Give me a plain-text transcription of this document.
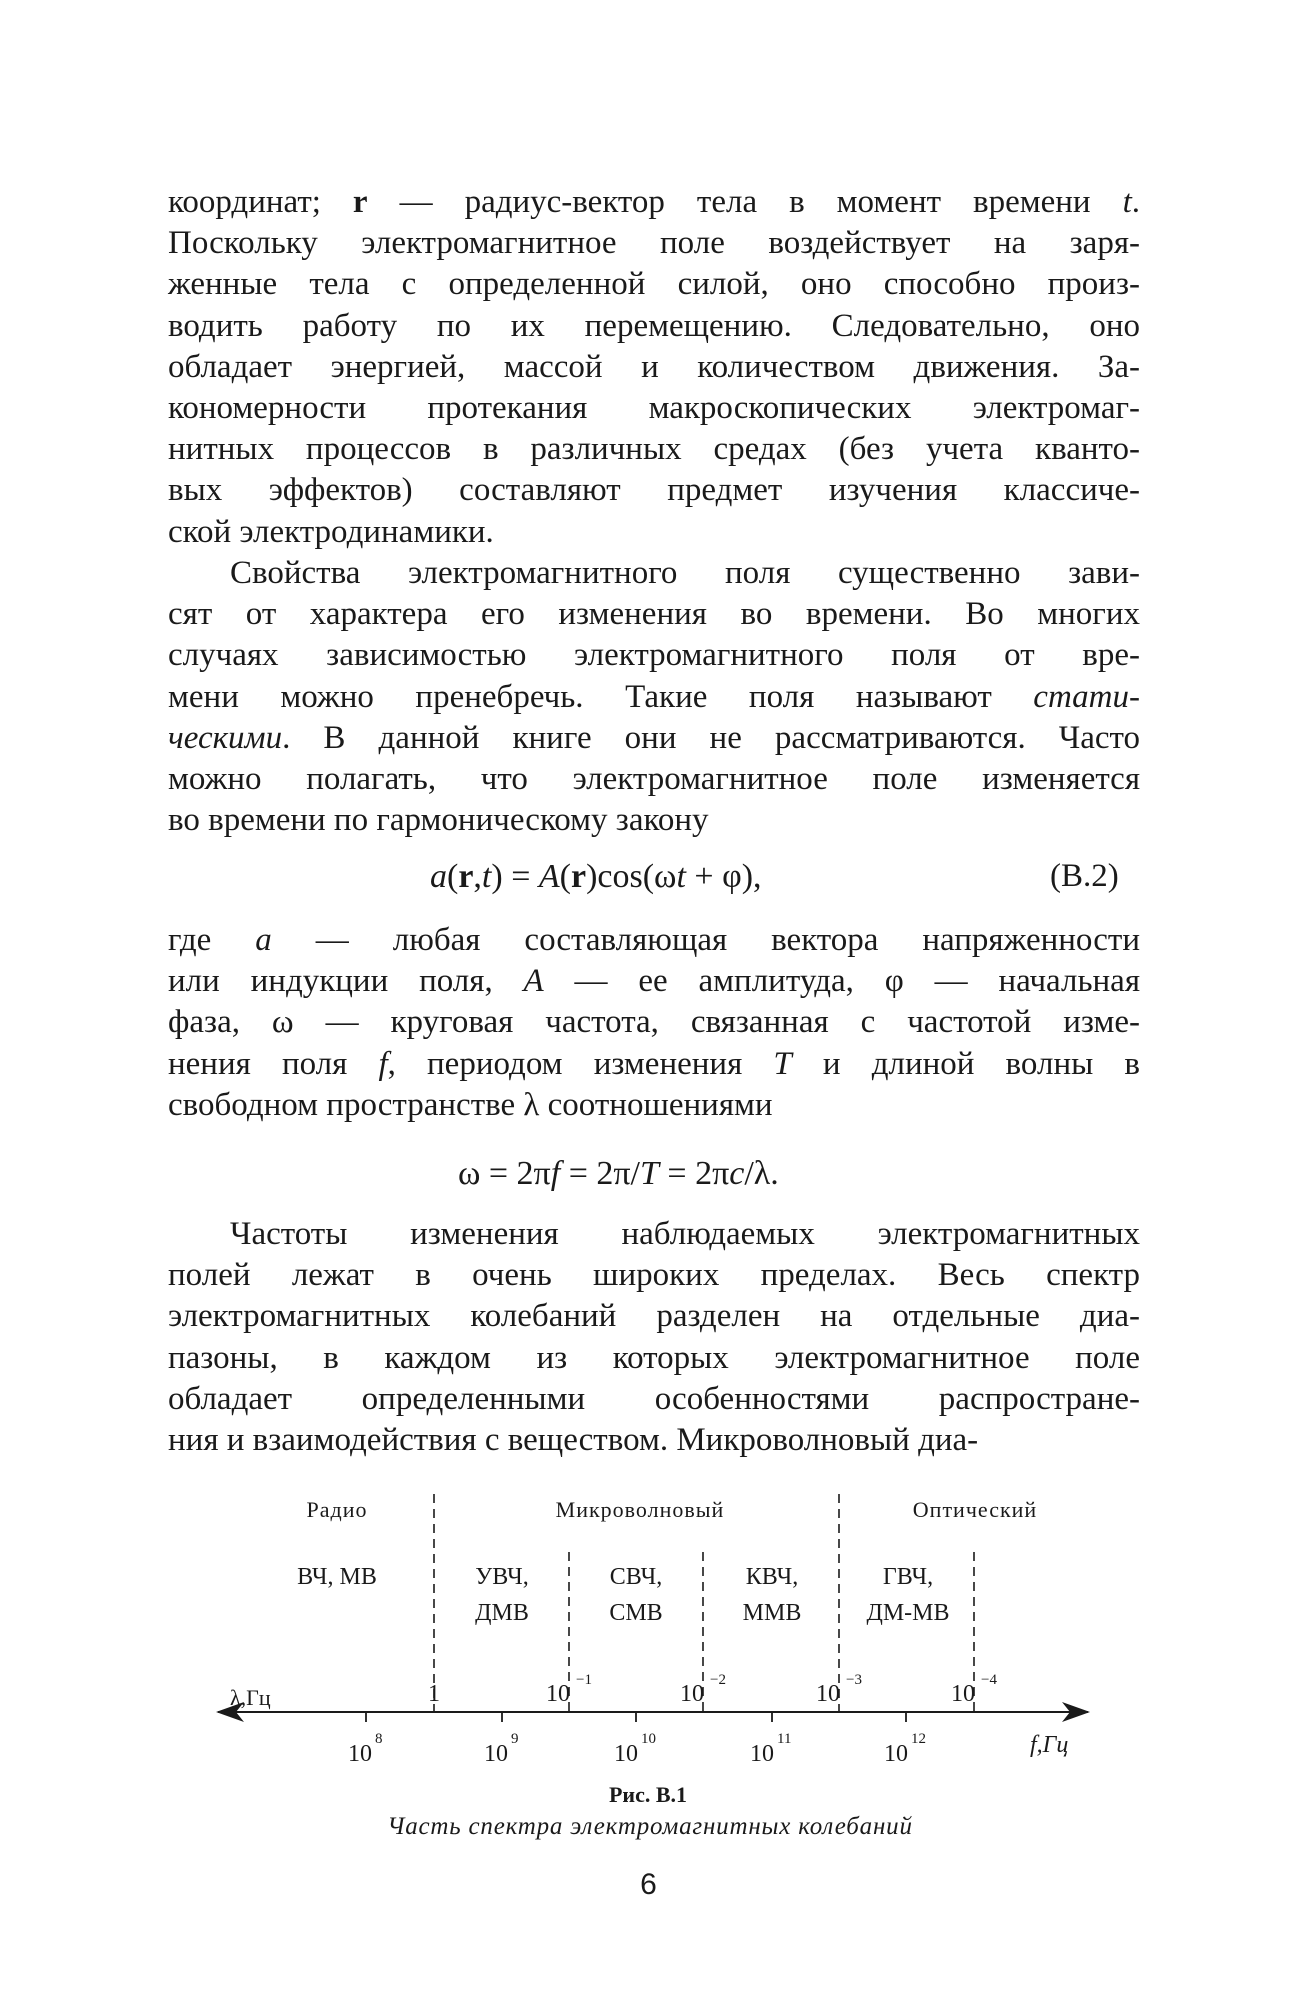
координат; r — радиус-вектор тела в момент времени t.
Поскольку электромагнитное поле воздействует на заря-
женные тела с определенной силой, оно способно произ-
водить работу по их перемещению. Следовательно, оно
обладает энергией, массой и количеством движения. За-
кономерности протекания макроскопических электромаг-
нитных процессов в различных средах (без учета кванто-
вых эффектов) составляют предмет изучения классиче-
ской электродинамики.
Свойства электромагнитного поля существенно зави-
сят от характера его изменения во времени. Во многих
случаях зависимостью электромагнитного поля от вре-
мени можно пренебречь. Такие поля называют стати-
ческими. В данной книге они не рассматриваются. Часто
можно полагать, что электромагнитное поле изменяется
во времени по гармоническому закону
a(r,t) = A(r)cos(ωt + φ),	(В.2)
где a — любая составляющая вектора напряженности
или индукции поля, A — ее амплитуда, φ — начальная
фаза, ω — круговая частота, связанная с частотой изме-
нения поля f, периодом изменения T и длиной волны в
свободном пространстве λ соотношениями
ω = 2πf = 2π/T = 2πc/λ.
Частоты изменения наблюдаемых электромагнитных
полей лежат в очень широких пределах. Весь спектр
электромагнитных колебаний разделен на отдельные диа-
пазоны, в каждом из которых электромагнитное поле
обладает определенными особенностями распростране-
ния и взаимодействия с веществом. Микроволновый диа-
Радио	Микроволновый	Оптический
ВЧ, МВ	УВЧ,
ДМВ
СВЧ,
СМВ
КВЧ,
ММВ
ГВЧ,
ДМ-МВ
λ,Гц	1	10
−1
10
−2
10
−3
10
−4
10
8
10
9
10
10
10
11
10
12	f,Гц
Рис. В.1
Часть спектра электромагнитных колебаний
6
